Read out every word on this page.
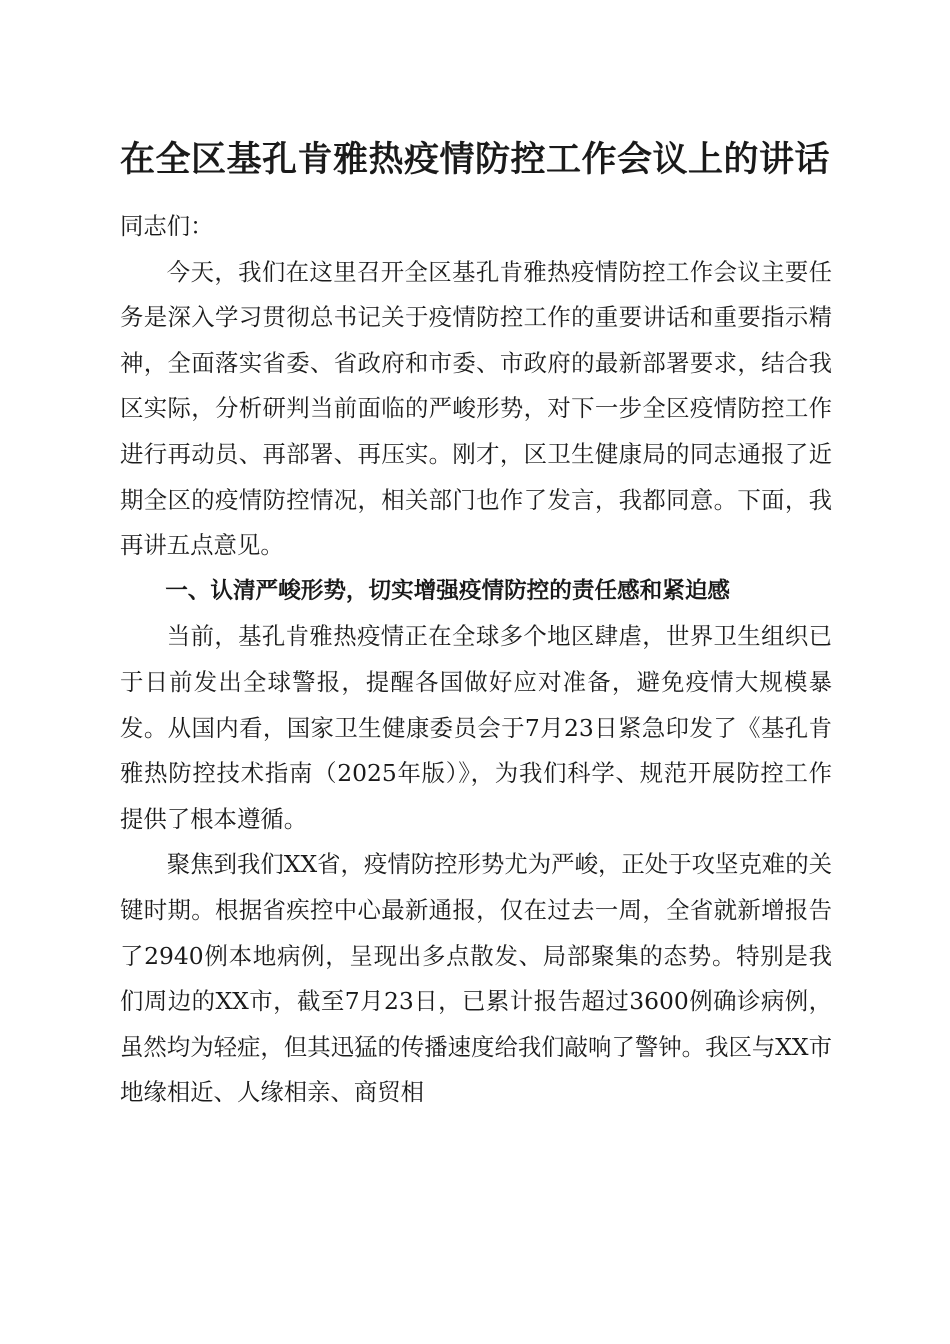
在全区基孔肯雅热疫情防控工作会议上的讲话

同志们：

今天，我们在这里召开全区基孔肯雅热疫情防控工作会议主要任务是深入学习贯彻总书记关于疫情防控工作的重要讲话和重要指示精神，全面落实省委、省政府和市委、市政府的最新部署要求，结合我区实际，分析研判当前面临的严峻形势，对下一步全区疫情防控工作进行再动员、再部署、再压实。刚才，区卫生健康局的同志通报了近期全区的疫情防控情况，相关部门也作了发言，我都同意。下面，我再讲五点意见。

一、认清严峻形势，切实增强疫情防控的责任感和紧迫感

当前，基孔肯雅热疫情正在全球多个地区肆虐，世界卫生组织已于日前发出全球警报，提醒各国做好应对准备，避免疫情大规模暴发。从国内看，国家卫生健康委员会于7月23日紧急印发了《基孔肯雅热防控技术指南（2025年版）》，为我们科学、规范开展防控工作提供了根本遵循。

聚焦到我们XX省，疫情防控形势尤为严峻，正处于攻坚克难的关键时期。根据省疾控中心最新通报，仅在过去一周，全省就新增报告了2940例本地病例，呈现出多点散发、局部聚集的态势。特别是我们周边的XX市，截至7月23日，已累计报告超过3600例确诊病例，虽然均为轻症，但其迅猛的传播速度给我们敲响了警钟。我区与XX市地缘相近、人缘相亲、商贸相
